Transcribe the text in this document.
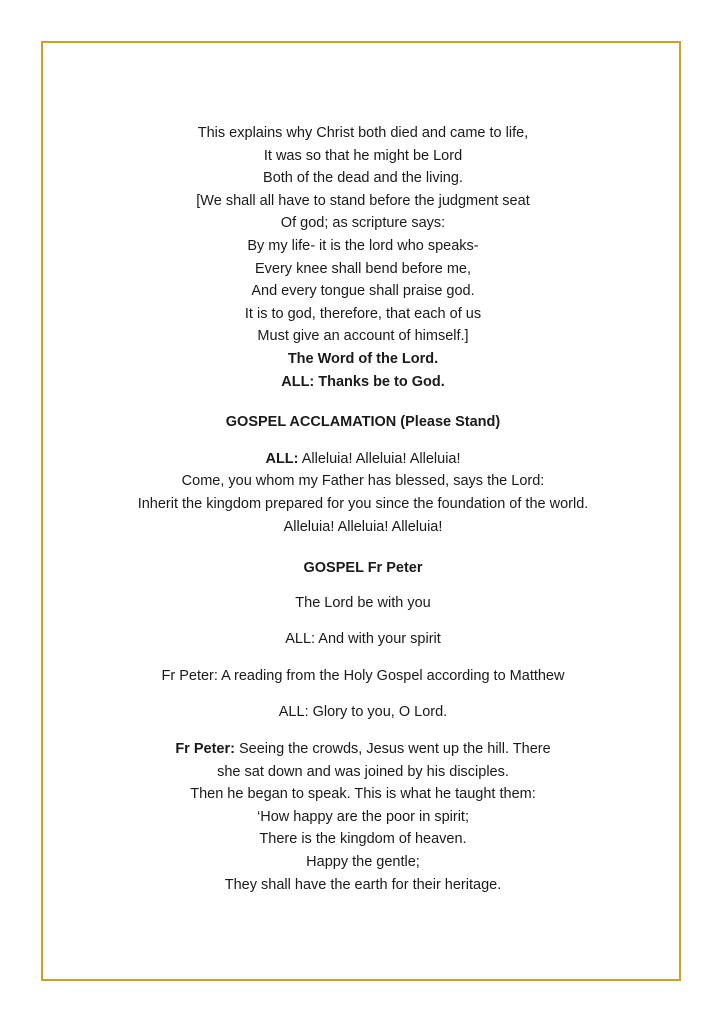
This explains why Christ both died and came to life,
It was so that he might be Lord
Both of the dead and the living.
[We shall all have to stand before the judgment seat
Of god; as scripture says:
By my life- it is the lord who speaks-
Every knee shall bend before me,
And every tongue shall praise god.
It is to god, therefore, that each of us
Must give an account of himself.]
The Word of the Lord.
ALL: Thanks be to God.
GOSPEL ACCLAMATION (Please Stand)
ALL: Alleluia! Alleluia! Alleluia!
Come, you whom my Father has blessed, says the Lord:
Inherit the kingdom prepared for you since the foundation of the world.
Alleluia! Alleluia! Alleluia!
GOSPEL Fr Peter
The Lord be with you
ALL: And with your spirit
Fr Peter: A reading from the Holy Gospel according to Matthew
ALL: Glory to you, O Lord.
Fr Peter: Seeing the crowds, Jesus went up the hill. There
she sat down and was joined by his disciples.
Then he began to speak. This is what he taught them:
‘How happy are the poor in spirit;
There is the kingdom of heaven.
Happy the gentle;
They shall have the earth for their heritage.
